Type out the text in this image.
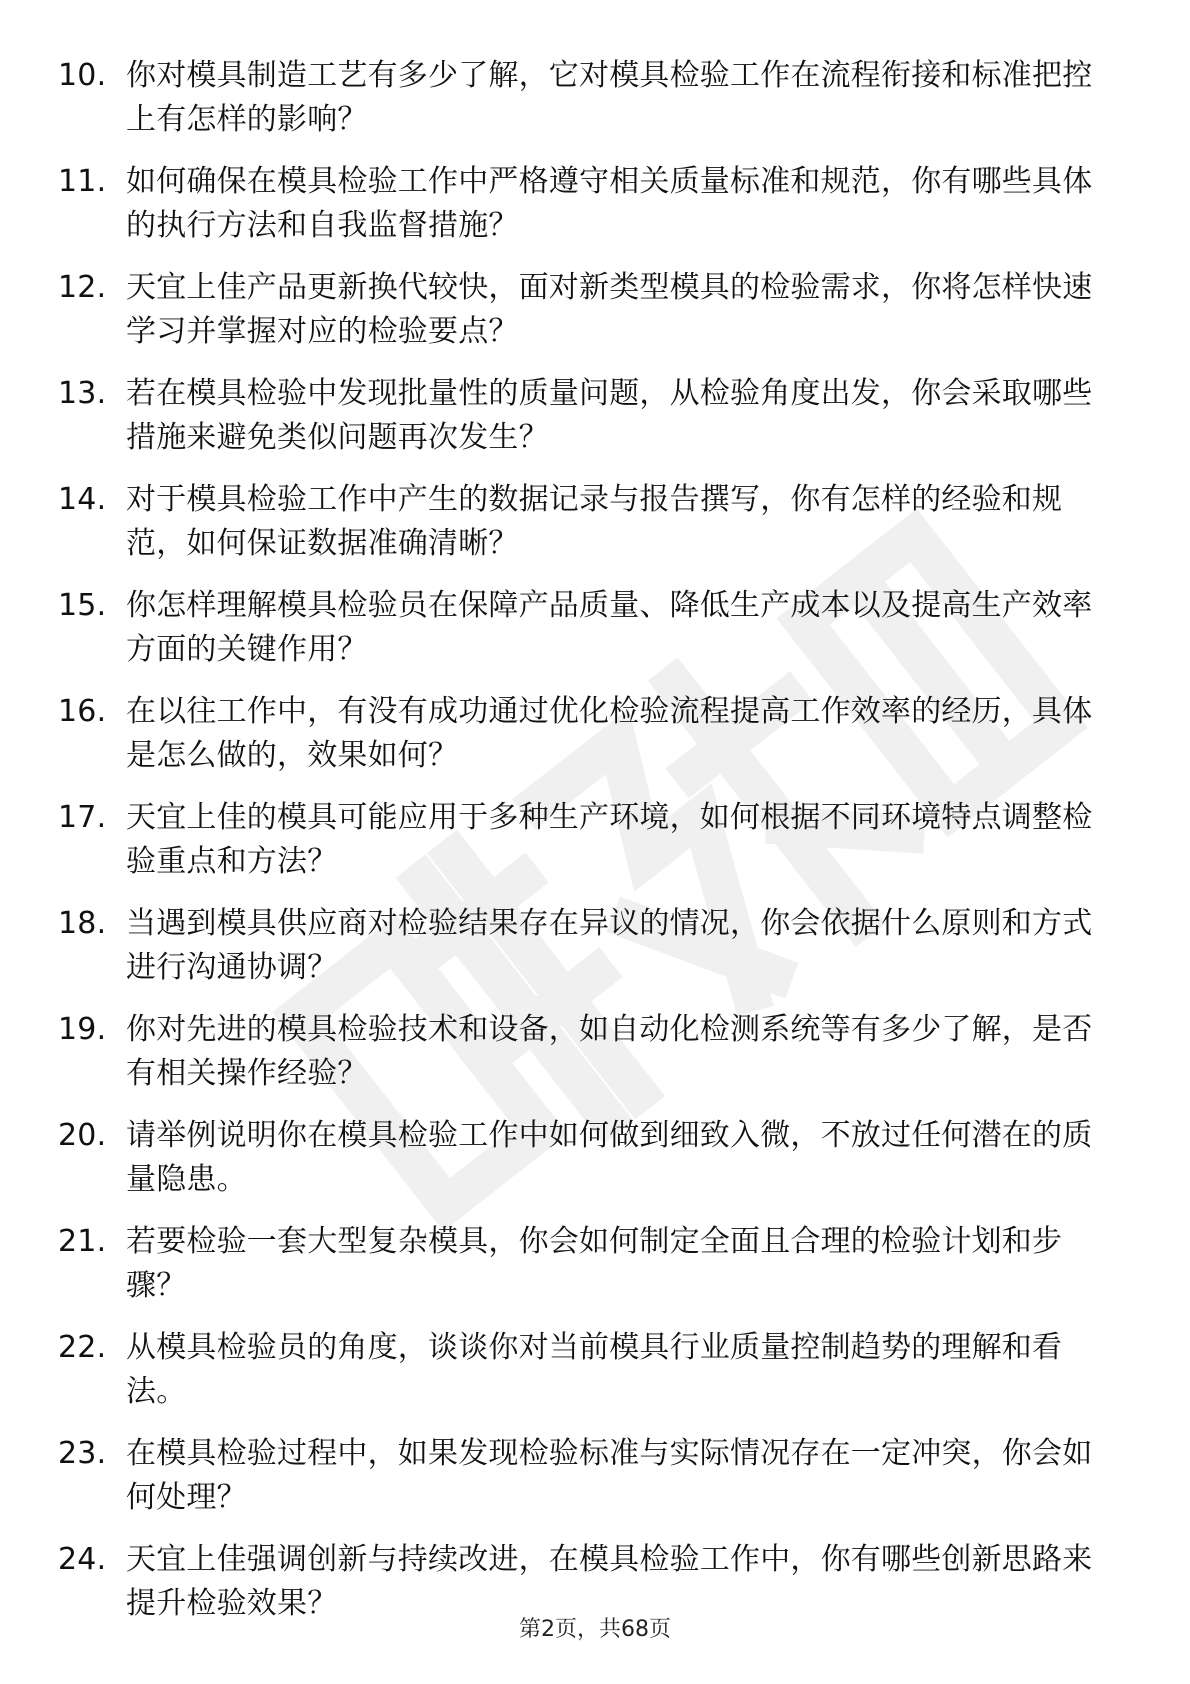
10. 你对模具制造工艺有多少了解，它对模具检验工作在流程衔接和标准把控上有怎样的影响？
11. 如何确保在模具检验工作中严格遵守相关质量标准和规范，你有哪些具体的执行方法和自我监督措施？
12. 天宜上佳产品更新换代较快，面对新类型模具的检验需求，你将怎样快速学习并掌握对应的检验要点？
13. 若在模具检验中发现批量性的质量问题，从检验角度出发，你会采取哪些措施来避免类似问题再次发生？
14. 对于模具检验工作中产生的数据记录与报告撰写，你有怎样的经验和规范，如何保证数据准确清晰？
15. 你怎样理解模具检验员在保障产品质量、降低生产成本以及提高生产效率方面的关键作用？
16. 在以往工作中，有没有成功通过优化检验流程提高工作效率的经历，具体是怎么做的，效果如何？
17. 天宜上佳的模具可能应用于多种生产环境，如何根据不同环境特点调整检验重点和方法？
18. 当遇到模具供应商对检验结果存在异议的情况，你会依据什么原则和方式进行沟通协调？
19. 你对先进的模具检验技术和设备，如自动化检测系统等有多少了解，是否有相关操作经验？
20. 请举例说明你在模具检验工作中如何做到细致入微，不放过任何潜在的质量隐患。
21. 若要检验一套大型复杂模具，你会如何制定全面且合理的检验计划和步骤？
22. 从模具检验员的角度，谈谈你对当前模具行业质量控制趋势的理解和看法。
23. 在模具检验过程中，如果发现检验标准与实际情况存在一定冲突，你会如何处理？
24. 天宜上佳强调创新与持续改进，在模具检验工作中，你有哪些创新思路来提升检验效果？
第2页，共68页
